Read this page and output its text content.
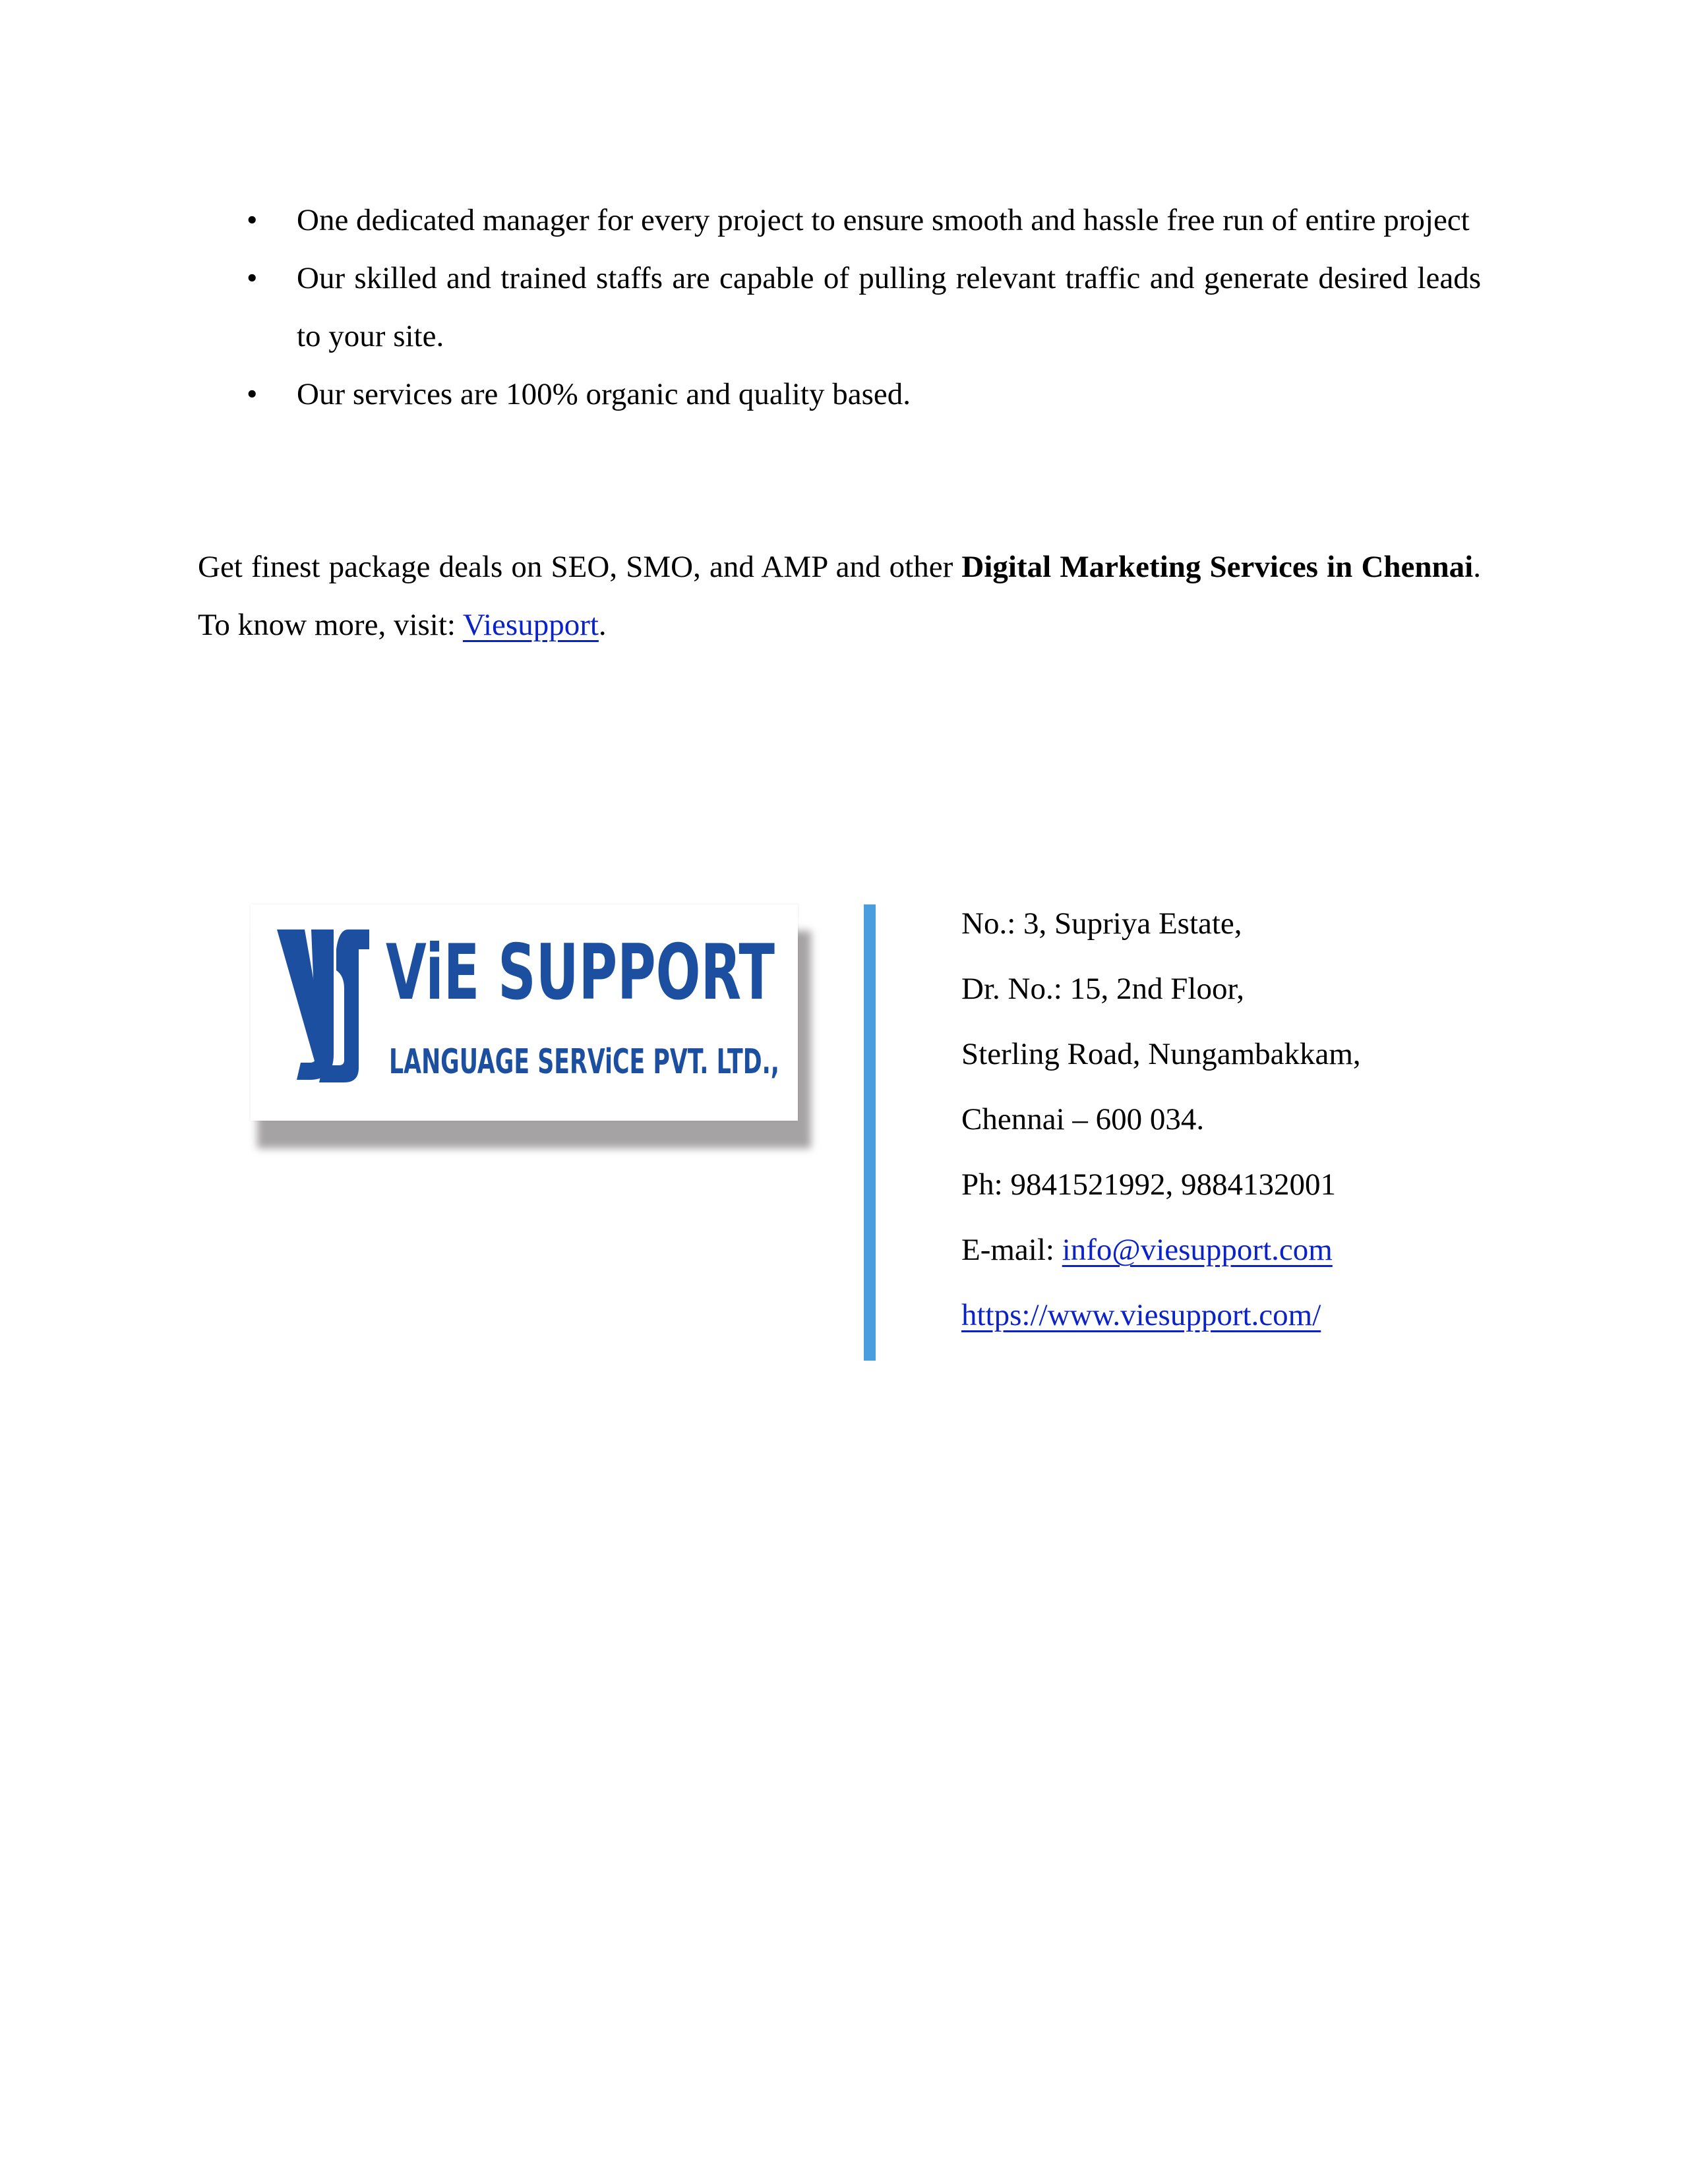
• One dedicated manager for every project to ensure smooth and hassle free run of entire project
• Our skilled and trained staffs are capable of pulling relevant traffic and generate desired leads to your site.
• Our services are 100% organic and quality based.

Get finest package deals on SEO, SMO, and AMP and other Digital Marketing Services in Chennai. To know more, visit: Viesupport.

ViE SUPPORT
LANGUAGE SERViCE PVT. LTD.,
No.: 3, Supriya Estate,
Dr. No.: 15, 2nd Floor,
Sterling Road, Nungambakkam,
Chennai – 600 034.
Ph: 9841521992, 9884132001
E-mail: info@viesupport.com
https://www.viesupport.com/
